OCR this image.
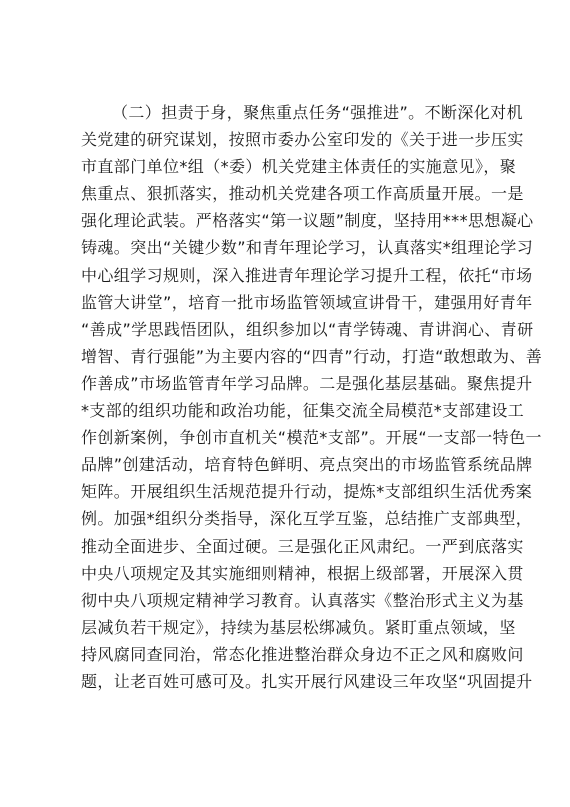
（二）担责于身，聚焦重点任务“强推进”。不断深化对机
关党建的研究谋划，按照市委办公室印发的《关于进一步压实
市直部门单位*组（*委）机关党建主体责任的实施意见》，聚
焦重点、狠抓落实，推动机关党建各项工作高质量开展。一是
强化理论武装。严格落实“第一议题”制度，坚持用***思想凝心
铸魂。突出“关键少数”和青年理论学习，认真落实*组理论学习
中心组学习规则，深入推进青年理论学习提升工程，依托“市场
监管大讲堂”，培育一批市场监管领域宣讲骨干，建强用好青年
“善成”学思践悟团队，组织参加以“青学铸魂、青讲润心、青研
增智、青行强能”为主要内容的“四青”行动，打造“敢想敢为、善
作善成”市场监管青年学习品牌。二是强化基层基础。聚焦提升
*支部的组织功能和政治功能，征集交流全局模范*支部建设工
作创新案例，争创市直机关“模范*支部”。开展“一支部一特色一
品牌”创建活动，培育特色鲜明、亮点突出的市场监管系统品牌
矩阵。开展组织生活规范提升行动，提炼*支部组织生活优秀案
例。加强*组织分类指导，深化互学互鉴，总结推广支部典型，
推动全面进步、全面过硬。三是强化正风肃纪。一严到底落实
中央八项规定及其实施细则精神，根据上级部署，开展深入贯
彻中央八项规定精神学习教育。认真落实《整治形式主义为基
层减负若干规定》，持续为基层松绑减负。紧盯重点领域，坚
持风腐同查同治，常态化推进整治群众身边不正之风和腐败问
题，让老百姓可感可及。扎实开展行风建设三年攻坚“巩固提升
